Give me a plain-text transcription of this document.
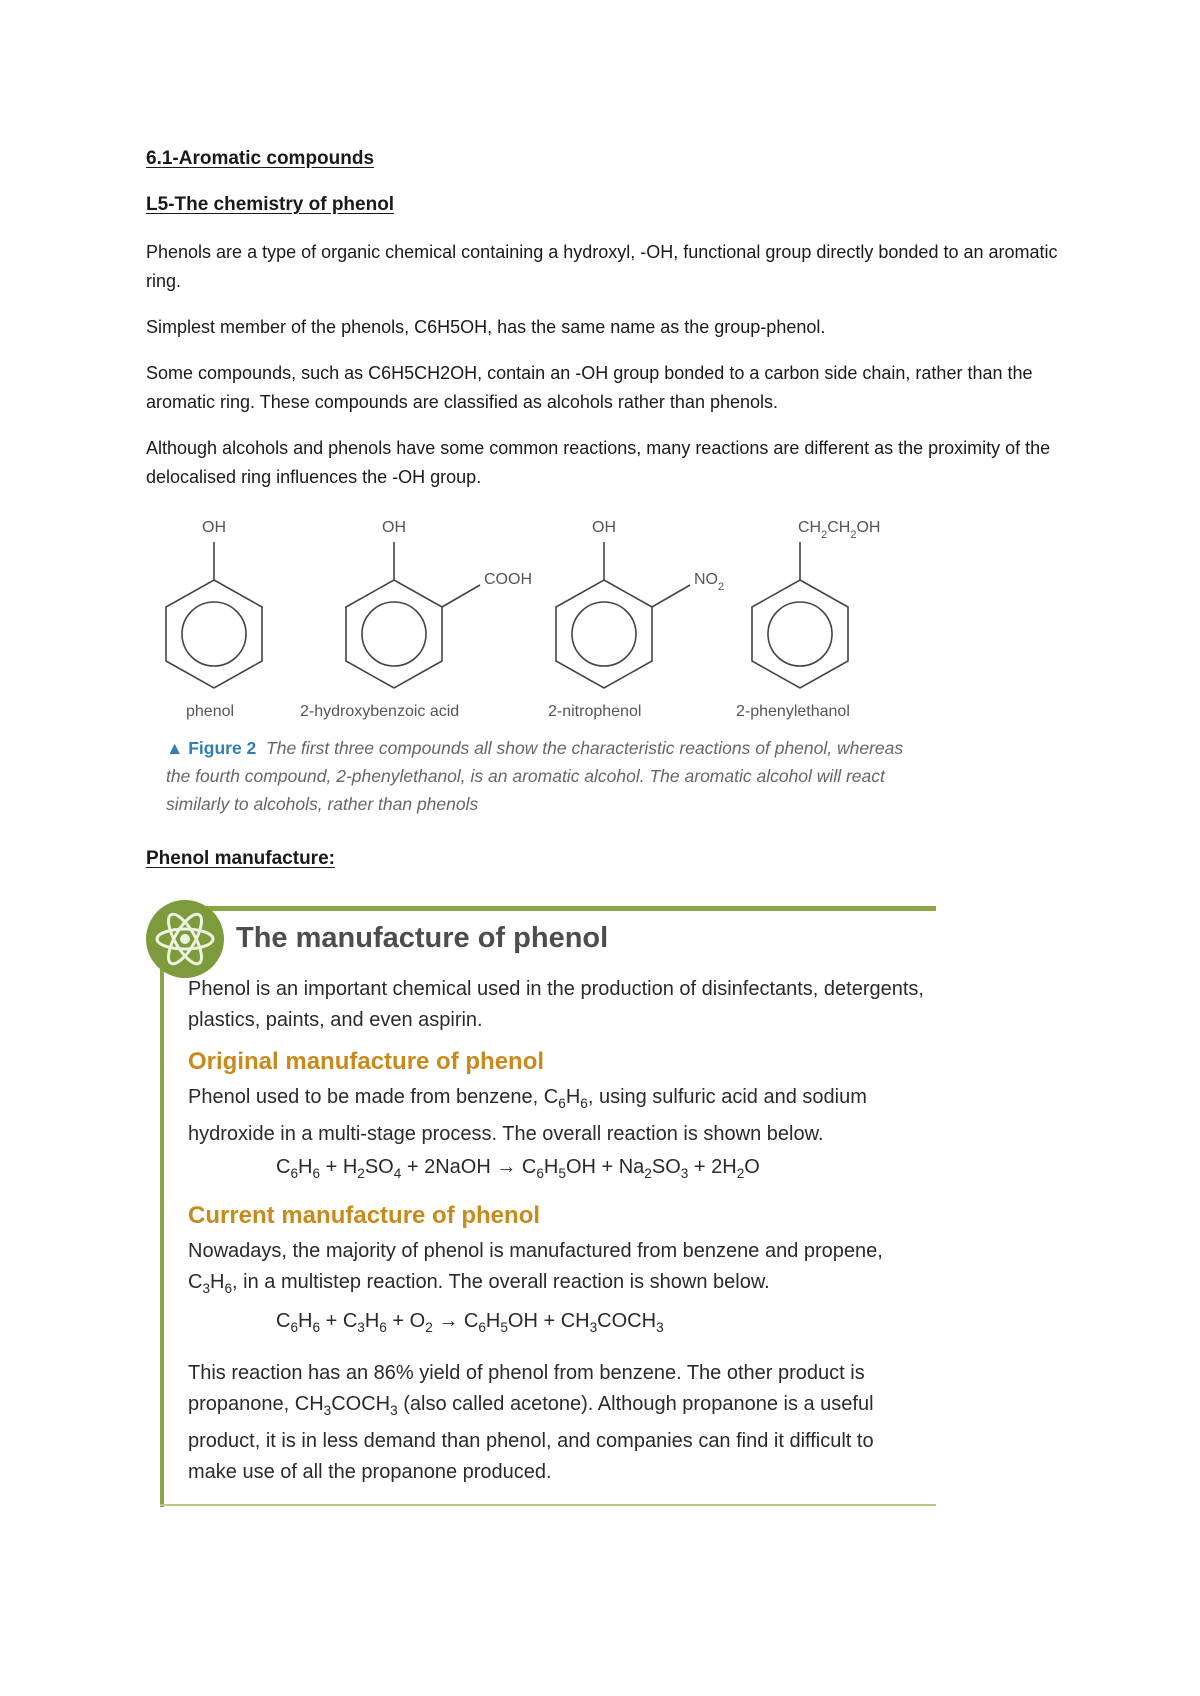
6.1-Aromatic compounds
L5-The chemistry of phenol

Phenols are a type of organic chemical containing a hydroxyl, -OH, functional group directly bonded to an aromatic ring.

Simplest member of the phenols, C6H5OH, has the same name as the group-phenol.

Some compounds, such as C6H5CH2OH, contain an -OH group bonded to a carbon side chain, rather than the aromatic ring. These compounds are classified as alcohols rather than phenols.

Although alcohols and phenols have some common reactions, many reactions are different as the proximity of the delocalised ring influences the -OH group.

OH	OH
COOH
OH
$NO_2$
$CH_2CH_2OH$
phenol	2-hydroxybenzoic acid	2-nitrophenol	2-phenylethanol

▲ Figure 2 The first three compounds all show the characteristic reactions of phenol, whereas the fourth compound, 2-phenylethanol, is an aromatic alcohol. The aromatic alcohol will react similarly to alcohols, rather than phenols

Phenol manufacture:
The manufacture of phenol

Phenol is an important chemical used in the production of disinfectants, detergents, plastics, paints, and even aspirin.

Original manufacture of phenol

Phenol used to be made from benzene, $C_6H_6$, using sulfuric acid and sodium hydroxide in a multi-stage process. The overall reaction is shown below.

$C_6H_6 + H_2SO_4$ + 2NaOH → $C_6H_5OH + Na_2SO_3 + 2H_2O$

Current manufacture of phenol

Nowadays, the majority of phenol is manufactured from benzene and propene, $C_3H_6$, in a multistep reaction. The overall reaction is shown below.

$C_6H_6 + C_3H_6 + O_2 \to C_6H_5OH$ + $CH_3COCH_3$

This reaction has an 86% yield of phenol from benzene. The other product is propanone, $CH_3COCH_3$ (also called acetone). Although propanone is a useful product, it is in less demand than phenol, and companies can find it difficult to make use of all the propanone produced.
